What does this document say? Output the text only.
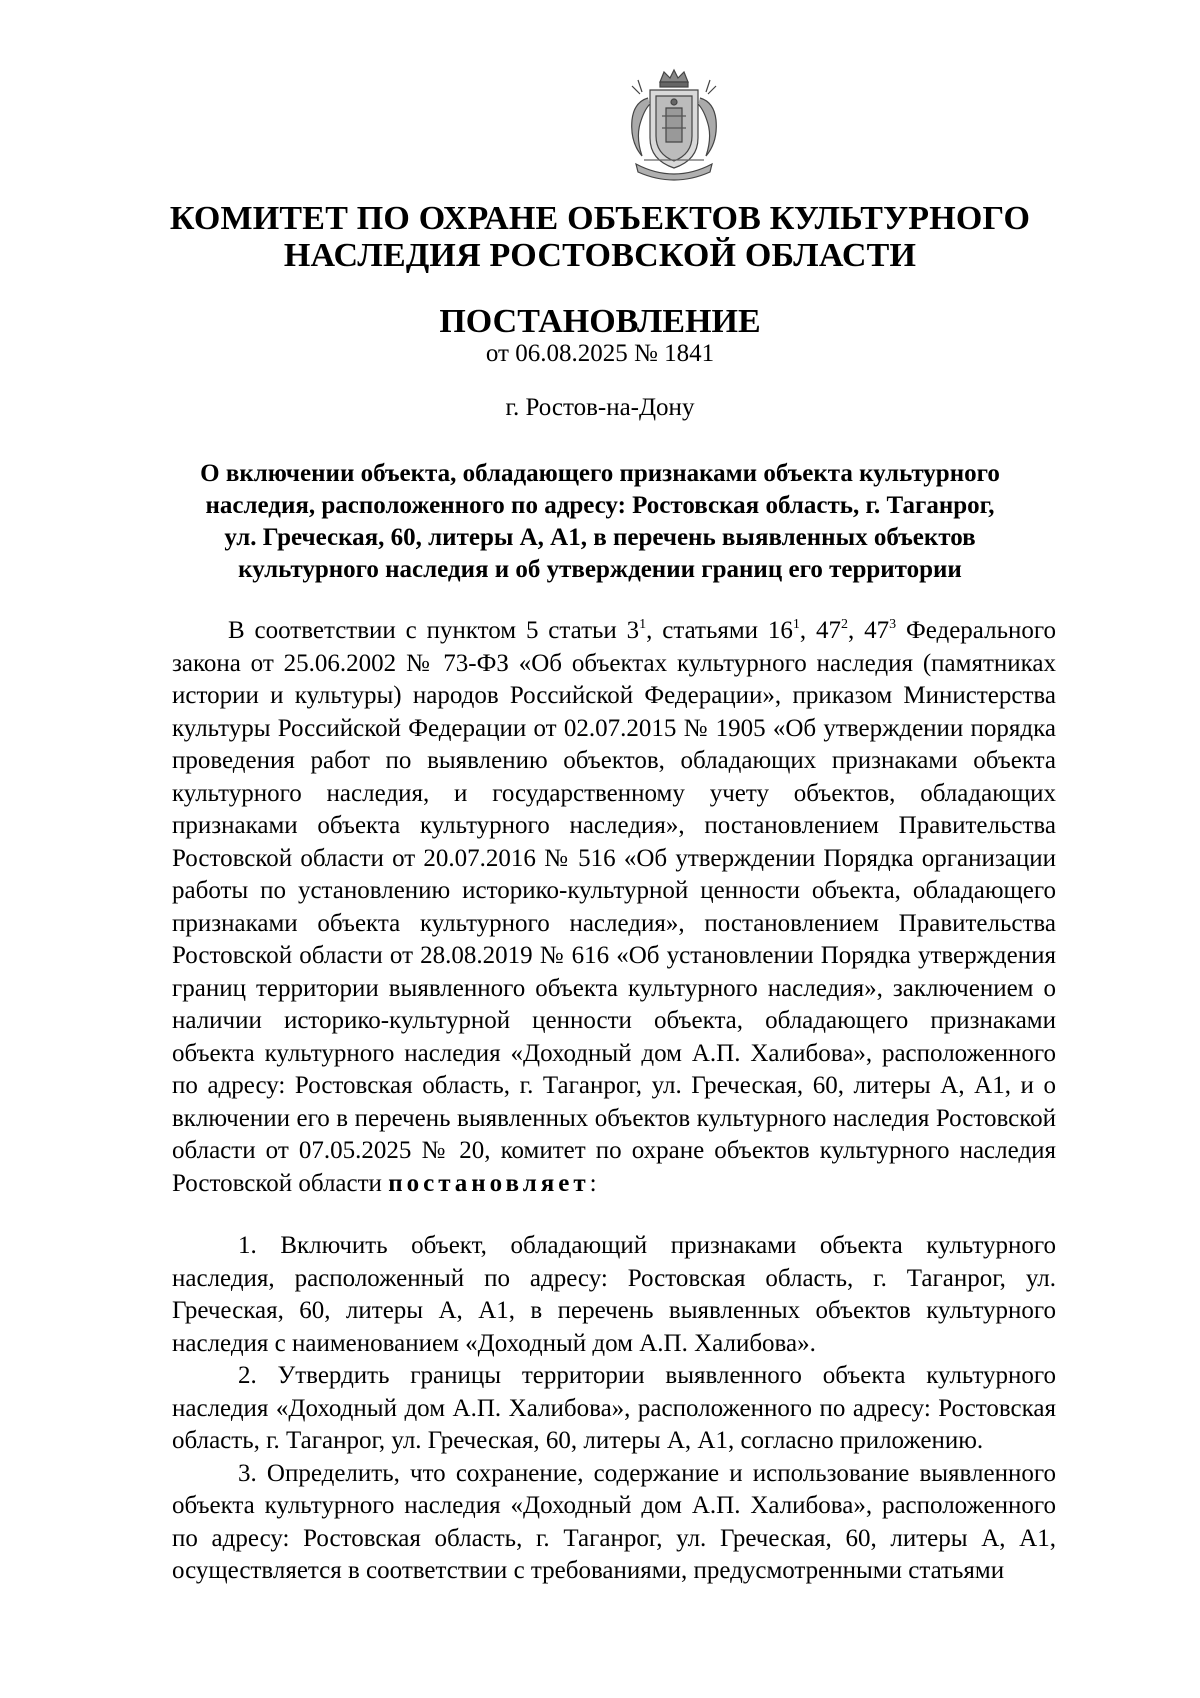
КОМИТЕТ ПО ОХРАНЕ ОБЪЕКТОВ КУЛЬТУРНОГО
НАСЛЕДИЯ РОСТОВСКОЙ ОБЛАСТИ
ПОСТАНОВЛЕНИЕ
от 06.08.2025 № 1841
г. Ростов-на-Дону
О включении объекта, обладающего признаками объекта культурного
наследия, расположенного по адресу: Ростовская область, г. Таганрог,
ул. Греческая, 60, литеры А, А1, в перечень выявленных объектов
культурного наследия и об утверждении границ его территории

В соответствии с пунктом 5 статьи $3^1$, статьями $16^1$, $47^2$, $47^3$ Федерального закона от 25.06.2002 № 73-ФЗ «Об объектах культурного наследия (памятниках истории и культуры) народов Российской Федерации», приказом Министерства культуры Российской Федерации от 02.07.2015 № 1905 «Об утверждении порядка проведения работ по выявлению объектов, обладающих признаками объекта культурного наследия, и государственному учету объектов, обладающих признаками объекта культурного наследия», постановлением Правительства Ростовской области от 20.07.2016 № 516 «Об утверждении Порядка организации работы по установлению историко-культурной ценности объекта, обладающего признаками объекта культурного наследия», постановлением Правительства Ростовской области от 28.08.2019 № 616 «Об установлении Порядка утверждения границ территории выявленного объекта культурного наследия», заключением о наличии историко-культурной ценности объекта, обладающего признаками объекта культурного наследия «Доходный дом А.П. Халибова», расположенного по адресу: Ростовская область, г. Таганрог, ул. Греческая, 60, литеры А, А1, и о включении его в перечень выявленных объектов культурного наследия Ростовской области от 07.05.2025 № 20, комитет по охране объектов культурного наследия Ростовской области постановляет:

1. Включить объект, обладающий признаками объекта культурного наследия, расположенный по адресу: Ростовская область, г. Таганрог, ул. Греческая, 60, литеры А, А1, в перечень выявленных объектов культурного наследия с наименованием «Доходный дом А.П. Халибова».

2. Утвердить границы территории выявленного объекта культурного наследия «Доходный дом А.П. Халибова», расположенного по адресу: Ростовская область, г. Таганрог, ул. Греческая, 60, литеры А, А1, согласно приложению.

3. Определить, что сохранение, содержание и использование выявленного объекта культурного наследия «Доходный дом А.П. Халибова», расположенного по адресу: Ростовская область, г. Таганрог, ул. Греческая, 60, литеры А, А1, осуществляется в соответствии с требованиями, предусмотренными статьями
